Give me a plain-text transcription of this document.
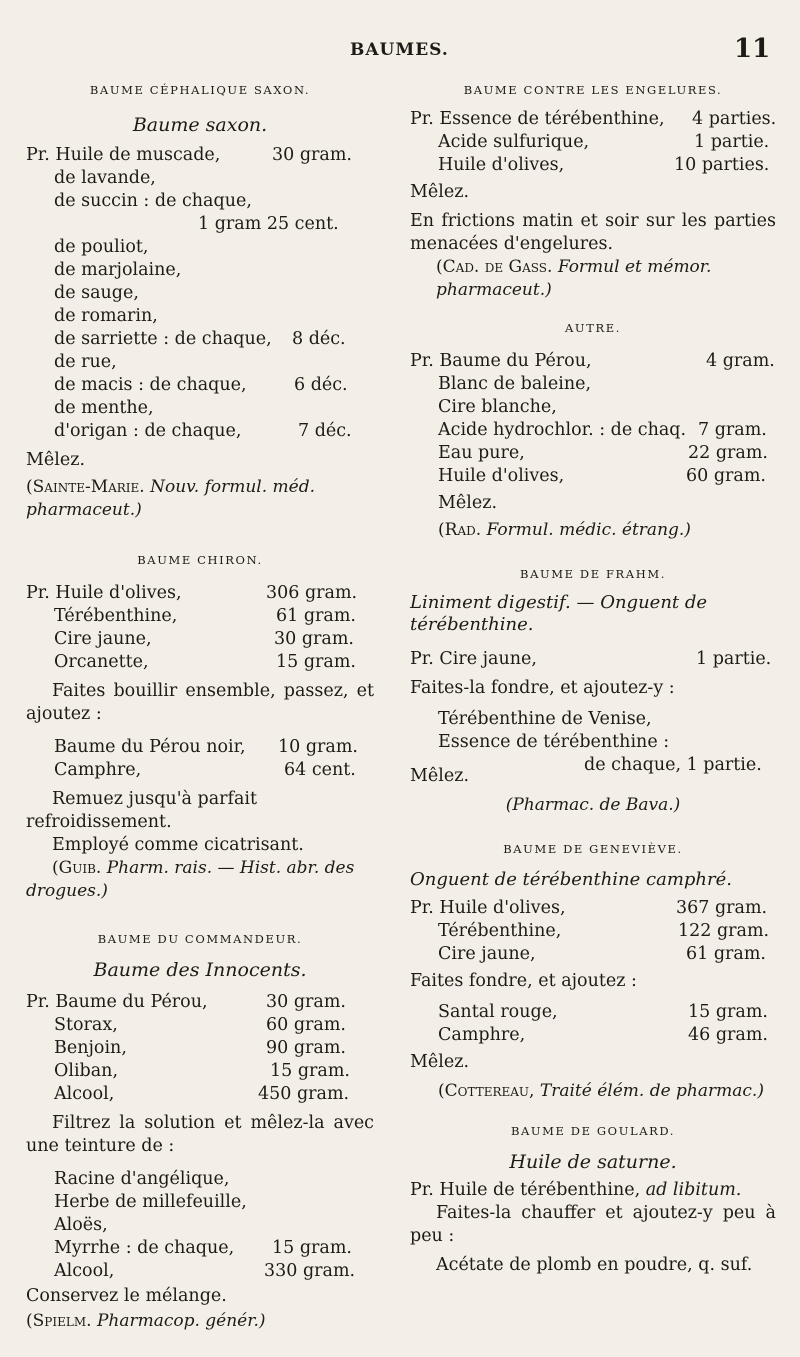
BAUMES.	11

BAUME CÉPHALIQUE SAXON.

Baume saxon.

Pr. Huile de muscade,	30 gram.
de lavande,
de succin : de chaque,
1 gram 25 cent.
de pouliot,
de marjolaine,
de sauge,
de romarin,
de sarriette : de chaque, 8 déc.
de rue,
de macis : de chaque,	6 déc.
de menthe,
d'origan : de chaque,	7 déc.

Mêlez.

(Sainte-Marie. Nouv. formul. méd. pharmaceut.)

BAUME CHIRON.

Pr. Huile d'olives,	306 gram.
Térébenthine,	61 gram.
Cire jaune,	30 gram.
Orcanette,	15 gram.

Faites bouillir ensemble, passez, et ajoutez :

Baume du Pérou noir, 10 gram.
Camphre,	64 cent.

Remuez jusqu'à parfait refroidissement.

Employé comme cicatrisant.

(Guib. Pharm. rais. — Hist. abr. des drogues.)

BAUME DU COMMANDEUR.

Baume des Innocents.

Pr. Baume du Pérou,	30 gram.
Storax,	60 gram.
Benjoin,	90 gram.
Oliban,	15 gram.
Alcool,	450 gram.

Filtrez la solution et mêlez-la avec une teinture de :

Racine d'angélique,
Herbe de millefeuille,
Aloës,
Myrrhe : de chaque, 15 gram.
Alcool,	330 gram.

Conservez le mélange.

(Spielm. Pharmacop. génér.)

BAUME CONTRE LES ENGELURES.

Pr. Essence de térébenthine, 4 parties.
Acide sulfurique,	1 partie.
Huile d'olives,	10 parties.

Mêlez.

En frictions matin et soir sur les parties menacées d'engelures.

(Cad. de Gass. Formul et mémor. pharmaceut.)

AUTRE.

Pr. Baume du Pérou,	4 gram.
Blanc de baleine,
Cire blanche,
Acide hydrochlor. : de chaq. 7 gram.
Eau pure,	22 gram.
Huile d'olives,	60 gram.

Mêlez.

(Rad. Formul. médic. étrang.)

BAUME DE FRAHM.

Liniment digestif. — Onguent de térébenthine.

Pr. Cire jaune,	1 partie.

Faites-la fondre, et ajoutez-y :

Térébenthine de Venise,
Essence de térébenthine :
de chaque, 1 partie.

Mêlez.

(Pharmac. de Bava.)

BAUME DE GENEVIÈVE.

Onguent de térébenthine camphré.

Pr. Huile d'olives,	367 gram.
Térébenthine,	122 gram.
Cire jaune,	61 gram.

Faites fondre, et ajoutez :

Santal rouge,	15 gram.
Camphre,	46 gram.

Mêlez.

(Cottereau, Traité élém. de pharmac.)

BAUME DE GOULARD.

Huile de saturne.

Pr. Huile de térébenthine, ad libitum.

Faites-la chauffer et ajoutez-y peu à peu :

Acétate de plomb en poudre, q. suf.
